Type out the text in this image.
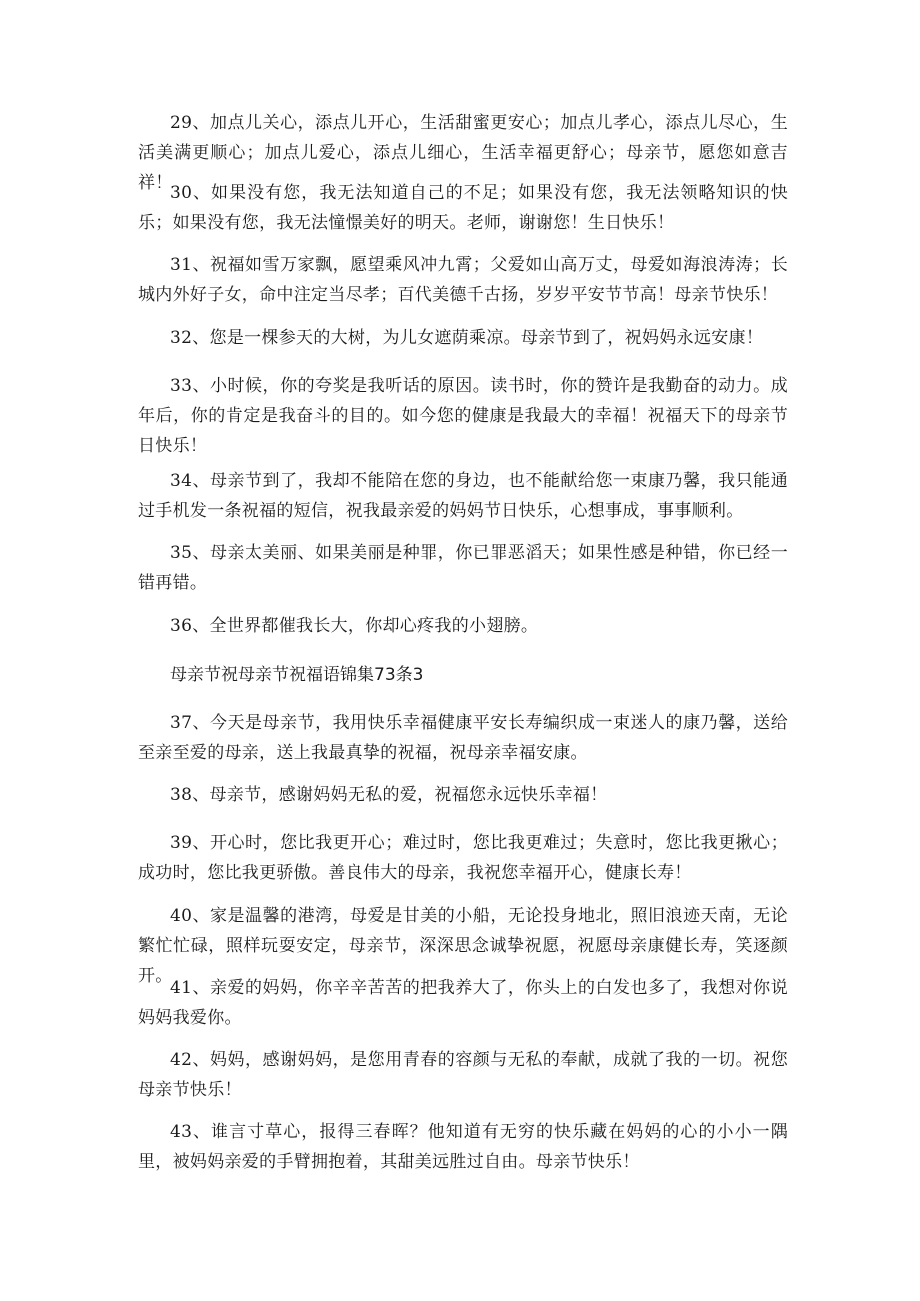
29、加点儿关心，添点儿开心，生活甜蜜更安心；加点儿孝心，添点儿尽心，生活美满更顺心；加点儿爱心，添点儿细心，生活幸福更舒心；母亲节，愿您如意吉祥！

30、如果没有您，我无法知道自己的不足；如果没有您，我无法领略知识的快乐；如果没有您，我无法憧憬美好的明天。老师，谢谢您！生日快乐！

31、祝福如雪万家飘，愿望乘风冲九霄；父爱如山高万丈，母爱如海浪涛涛；长城内外好子女，命中注定当尽孝；百代美德千古扬，岁岁平安节节高！母亲节快乐！

32、您是一棵参天的大树，为儿女遮荫乘凉。母亲节到了，祝妈妈永远安康！

33、小时候，你的夸奖是我听话的原因。读书时，你的赞许是我勤奋的动力。成年后，你的肯定是我奋斗的目的。如今您的健康是我最大的幸福！祝福天下的母亲节日快乐！

34、母亲节到了，我却不能陪在您的身边，也不能献给您一束康乃馨，我只能通过手机发一条祝福的短信，祝我最亲爱的妈妈节日快乐，心想事成，事事顺利。

35、母亲太美丽、如果美丽是种罪，你已罪恶滔天；如果性感是种错，你已经一错再错。

36、全世界都催我长大，你却心疼我的小翅膀。

母亲节祝母亲节祝福语锦集73条3

37、今天是母亲节，我用快乐幸福健康平安长寿编织成一束迷人的康乃馨，送给至亲至爱的母亲，送上我最真挚的祝福，祝母亲幸福安康。

38、母亲节，感谢妈妈无私的爱，祝福您永远快乐幸福！

39、开心时，您比我更开心；难过时，您比我更难过；失意时，您比我更揪心；成功时，您比我更骄傲。善良伟大的母亲，我祝您幸福开心，健康长寿！

40、家是温馨的港湾，母爱是甘美的小船，无论投身地北，照旧浪迹天南，无论繁忙忙碌，照样玩耍安定，母亲节，深深思念诚挚祝愿，祝愿母亲康健长寿，笑逐颜开。

41、亲爱的妈妈，你辛辛苦苦的把我养大了，你头上的白发也多了，我想对你说妈妈我爱你。

42、妈妈，感谢妈妈，是您用青春的容颜与无私的奉献，成就了我的一切。祝您母亲节快乐！

43、谁言寸草心，报得三春晖？他知道有无穷的快乐藏在妈妈的心的小小一隅里，被妈妈亲爱的手臂拥抱着，其甜美远胜过自由。母亲节快乐！
